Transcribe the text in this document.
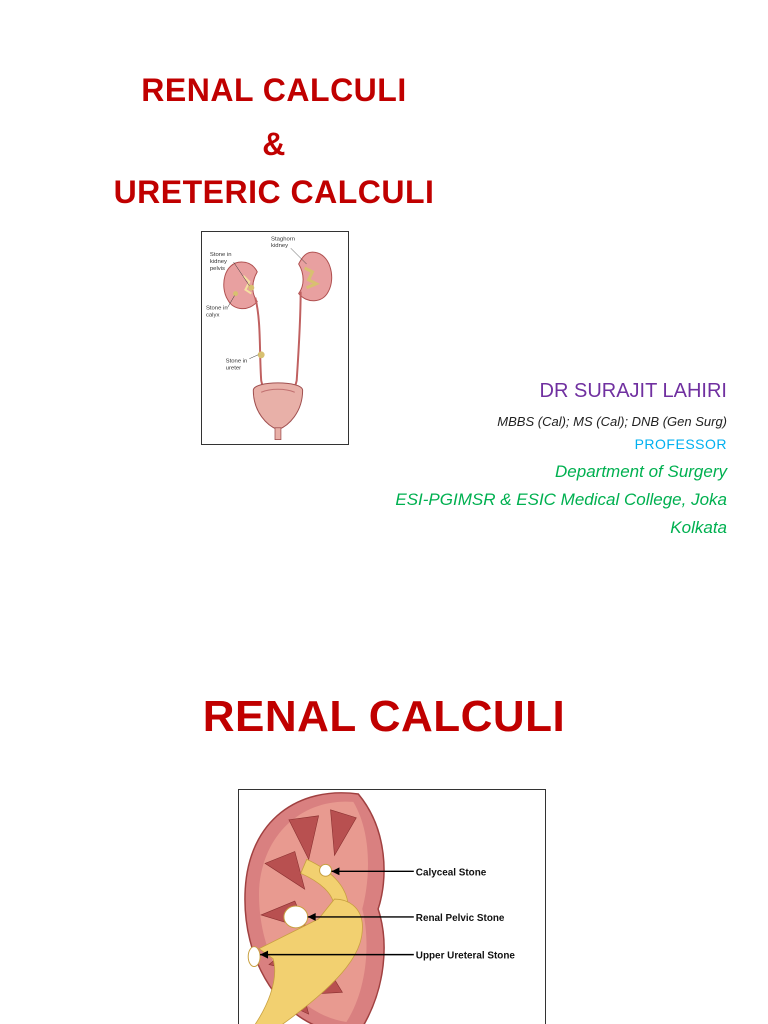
RENAL CALCULI
&
URETERIC CALCULI
Staghorn
kidney
Stone in
kidney
pelvis
Stone in
calyx
Stone in
ureter
DR SURAJIT LAHIRI
MBBS (Cal); MS (Cal); DNB (Gen Surg)
PROFESSOR
Department of Surgery
ESI-PGIMSR & ESIC Medical College, Joka
Kolkata
RENAL CALCULI
Calyceal Stone
Renal Pelvic Stone
Upper Ureteral Stone
